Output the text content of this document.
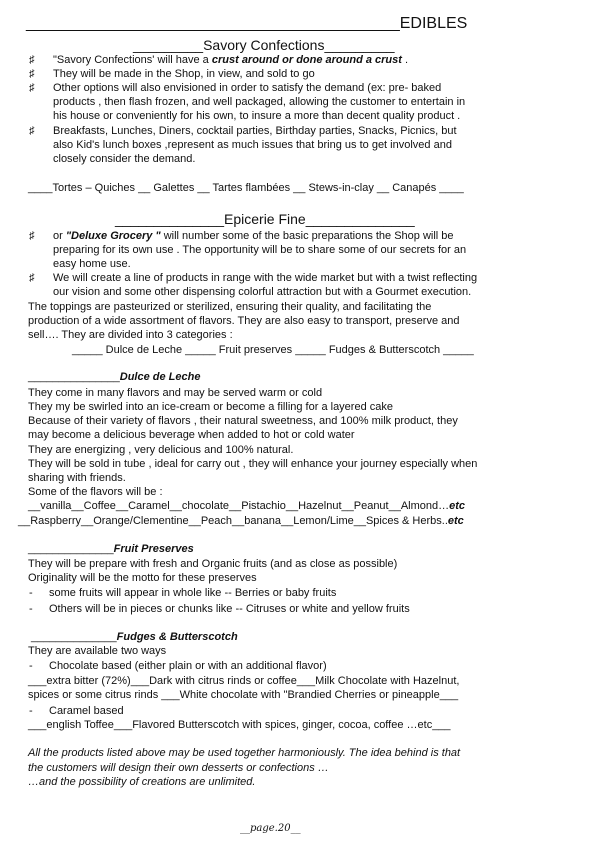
__________________________________________EDIBLES
_________Savory Confections_________
♯ "Savory Confections' will have a crust around or done around a crust .
♯ They will be made in the Shop, in view, and sold to go
♯ Other options will also envisioned in order to satisfy the demand (ex: pre- baked
products , then flash frozen, and well packaged, allowing the customer to entertain in
his house or conveniently for his own, to insure a more than decent quality product .
♯ Breakfasts, Lunches, Diners, cocktail parties, Birthday parties, Snacks, Picnics, but
also Kid's lunch boxes ,represent as much issues that bring us to get involved and
closely consider the demand.
____Tortes – Quiches __ Galettes __ Tartes flambées __ Stews-in-clay __ Canapés ____
______________Epicerie Fine______________
♯ or "Deluxe Grocery " will number some of the basic preparations the Shop will be
preparing for its own use . The opportunity will be to share some of our secrets for an
easy home use.
♯ We will create a line of products in range with the wide market but with a twist reflecting
our vision and some other dispensing colorful attraction but with a Gourmet execution.
The toppings are pasteurized or sterilized, ensuring their quality, and facilitating the
production of a wide assortment of flavors. They are also easy to transport, preserve and
sell…. They are divided into 3 categories :
_____ Dulce de Leche _____ Fruit preserves _____ Fudges & Butterscotch _____
_______________Dulce de Leche
They come in many flavors and may be served warm or cold
They my be swirled into an ice-cream or become a filling for a layered cake
Because of their variety of flavors , their natural sweetness, and 100% milk product, they
may become a delicious beverage when added to hot or cold water
They are energizing , very delicious and 100% natural.
They will be sold in tube , ideal for carry out , they will enhance your journey especially when
sharing with friends.
Some of the flavors will be :
__vanilla__Coffee__Caramel__chocolate__Pistachio__Hazelnut__Peanut__Almond…etc
__Raspberry__Orange/Clementine__Peach__banana__Lemon/Lime__Spices & Herbs..etc
______________Fruit Preserves
They will be prepare with fresh and Organic fruits (and as close as possible)
Originality will be the motto for these preserves
- some fruits will appear in whole like -- Berries or baby fruits
- Others will be in pieces or chunks like -- Citruses or white and yellow fruits
______________Fudges & Butterscotch
They are available two ways
- Chocolate based (either plain or with an additional flavor)
___extra bitter (72%)___Dark with citrus rinds or coffee___Milk Chocolate with Hazelnut,
spices or some citrus rinds ___White chocolate with "Brandied Cherries or pineapple___
- Caramel based
___english Toffee___Flavored Butterscotch with spices, ginger, cocoa, coffee …etc___
All the products listed above may be used together harmoniously. The idea behind is that
the customers will design their own desserts or confections …
…and the possibility of creations are unlimited.
__page.20__
